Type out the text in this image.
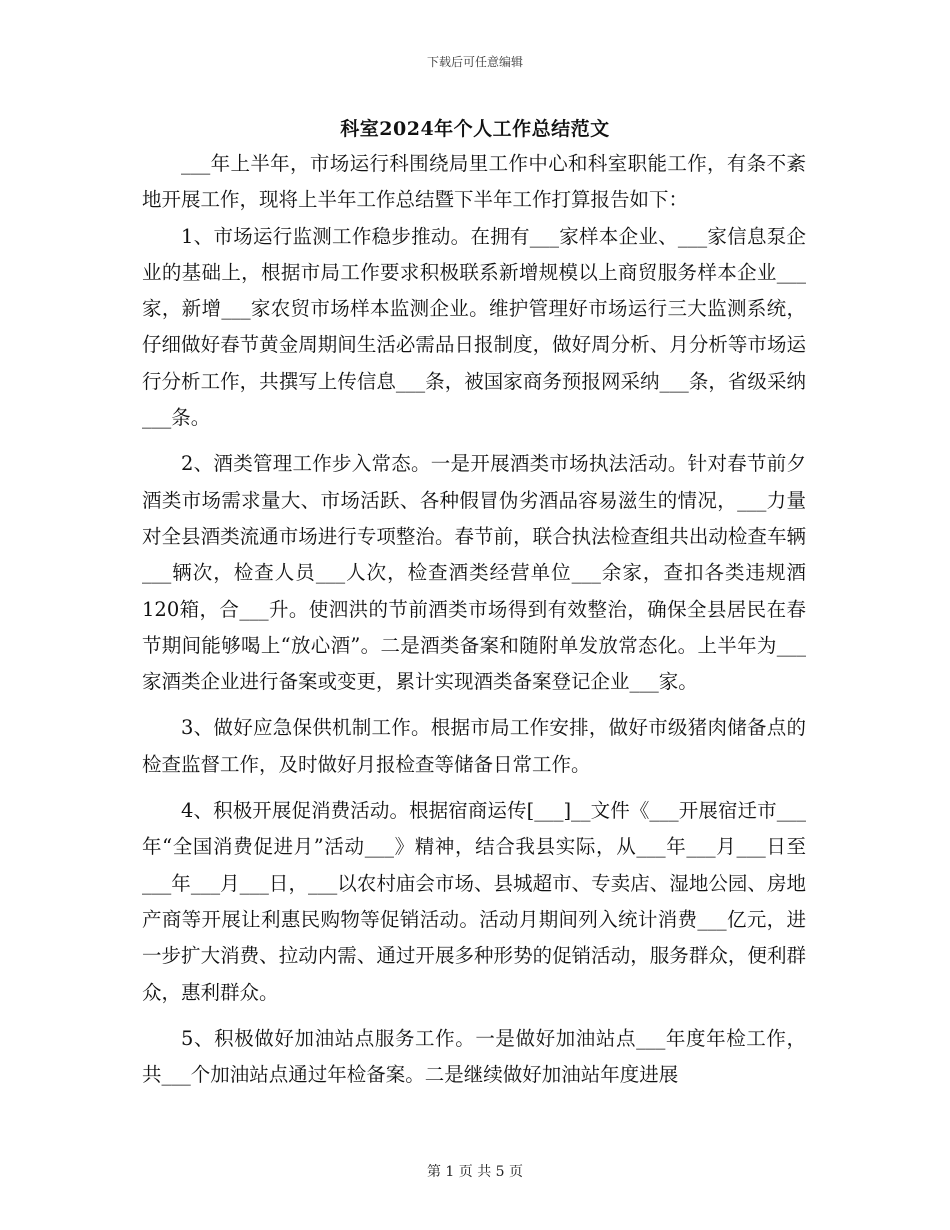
下载后可任意编辑
科室2024年个人工作总结范文

___年上半年，市场运行科围绕局里工作中心和科室职能工作，有条不紊地开展工作，现将上半年工作总结暨下半年工作打算报告如下：

1、市场运行监测工作稳步推动。在拥有___家样本企业、___家信息泵企业的基础上，根据市局工作要求积极联系新增规模以上商贸服务样本企业___家，新增___家农贸市场样本监测企业。维护管理好市场运行三大监测系统，仔细做好春节黄金周期间生活必需品日报制度，做好周分析、月分析等市场运行分析工作，共撰写上传信息___条，被国家商务预报网采纳___条，省级采纳___条。

2、酒类管理工作步入常态。一是开展酒类市场执法活动。针对春节前夕酒类市场需求量大、市场活跃、各种假冒伪劣酒品容易滋生的情况，___力量对全县酒类流通市场进行专项整治。春节前，联合执法检查组共出动检查车辆___辆次，检查人员___人次，检查酒类经营单位___余家，查扣各类违规酒120箱，合___升。使泗洪的节前酒类市场得到有效整治，确保全县居民在春节期间能够喝上“放心酒”。二是酒类备案和随附单发放常态化。上半年为___家酒类企业进行备案或变更，累计实现酒类备案登记企业___家。

3、做好应急保供机制工作。根据市局工作安排，做好市级猪肉储备点的检查监督工作，及时做好月报检查等储备日常工作。

4、积极开展促消费活动。根据宿商运传[___]__文件《___开展宿迁市___年“全国消费促进月”活动___》精神，结合我县实际，从___年___月___日至___年___月___日，___以农村庙会市场、县城超市、专卖店、湿地公园、房地产商等开展让利惠民购物等促销活动。活动月期间列入统计消费___亿元，进一步扩大消费、拉动内需、通过开展多种形势的促销活动，服务群众，便利群众，惠利群众。

5、积极做好加油站点服务工作。一是做好加油站点___年度年检工作，共___个加油站点通过年检备案。二是继续做好加油站年度进展

第 1 页 共 5 页
